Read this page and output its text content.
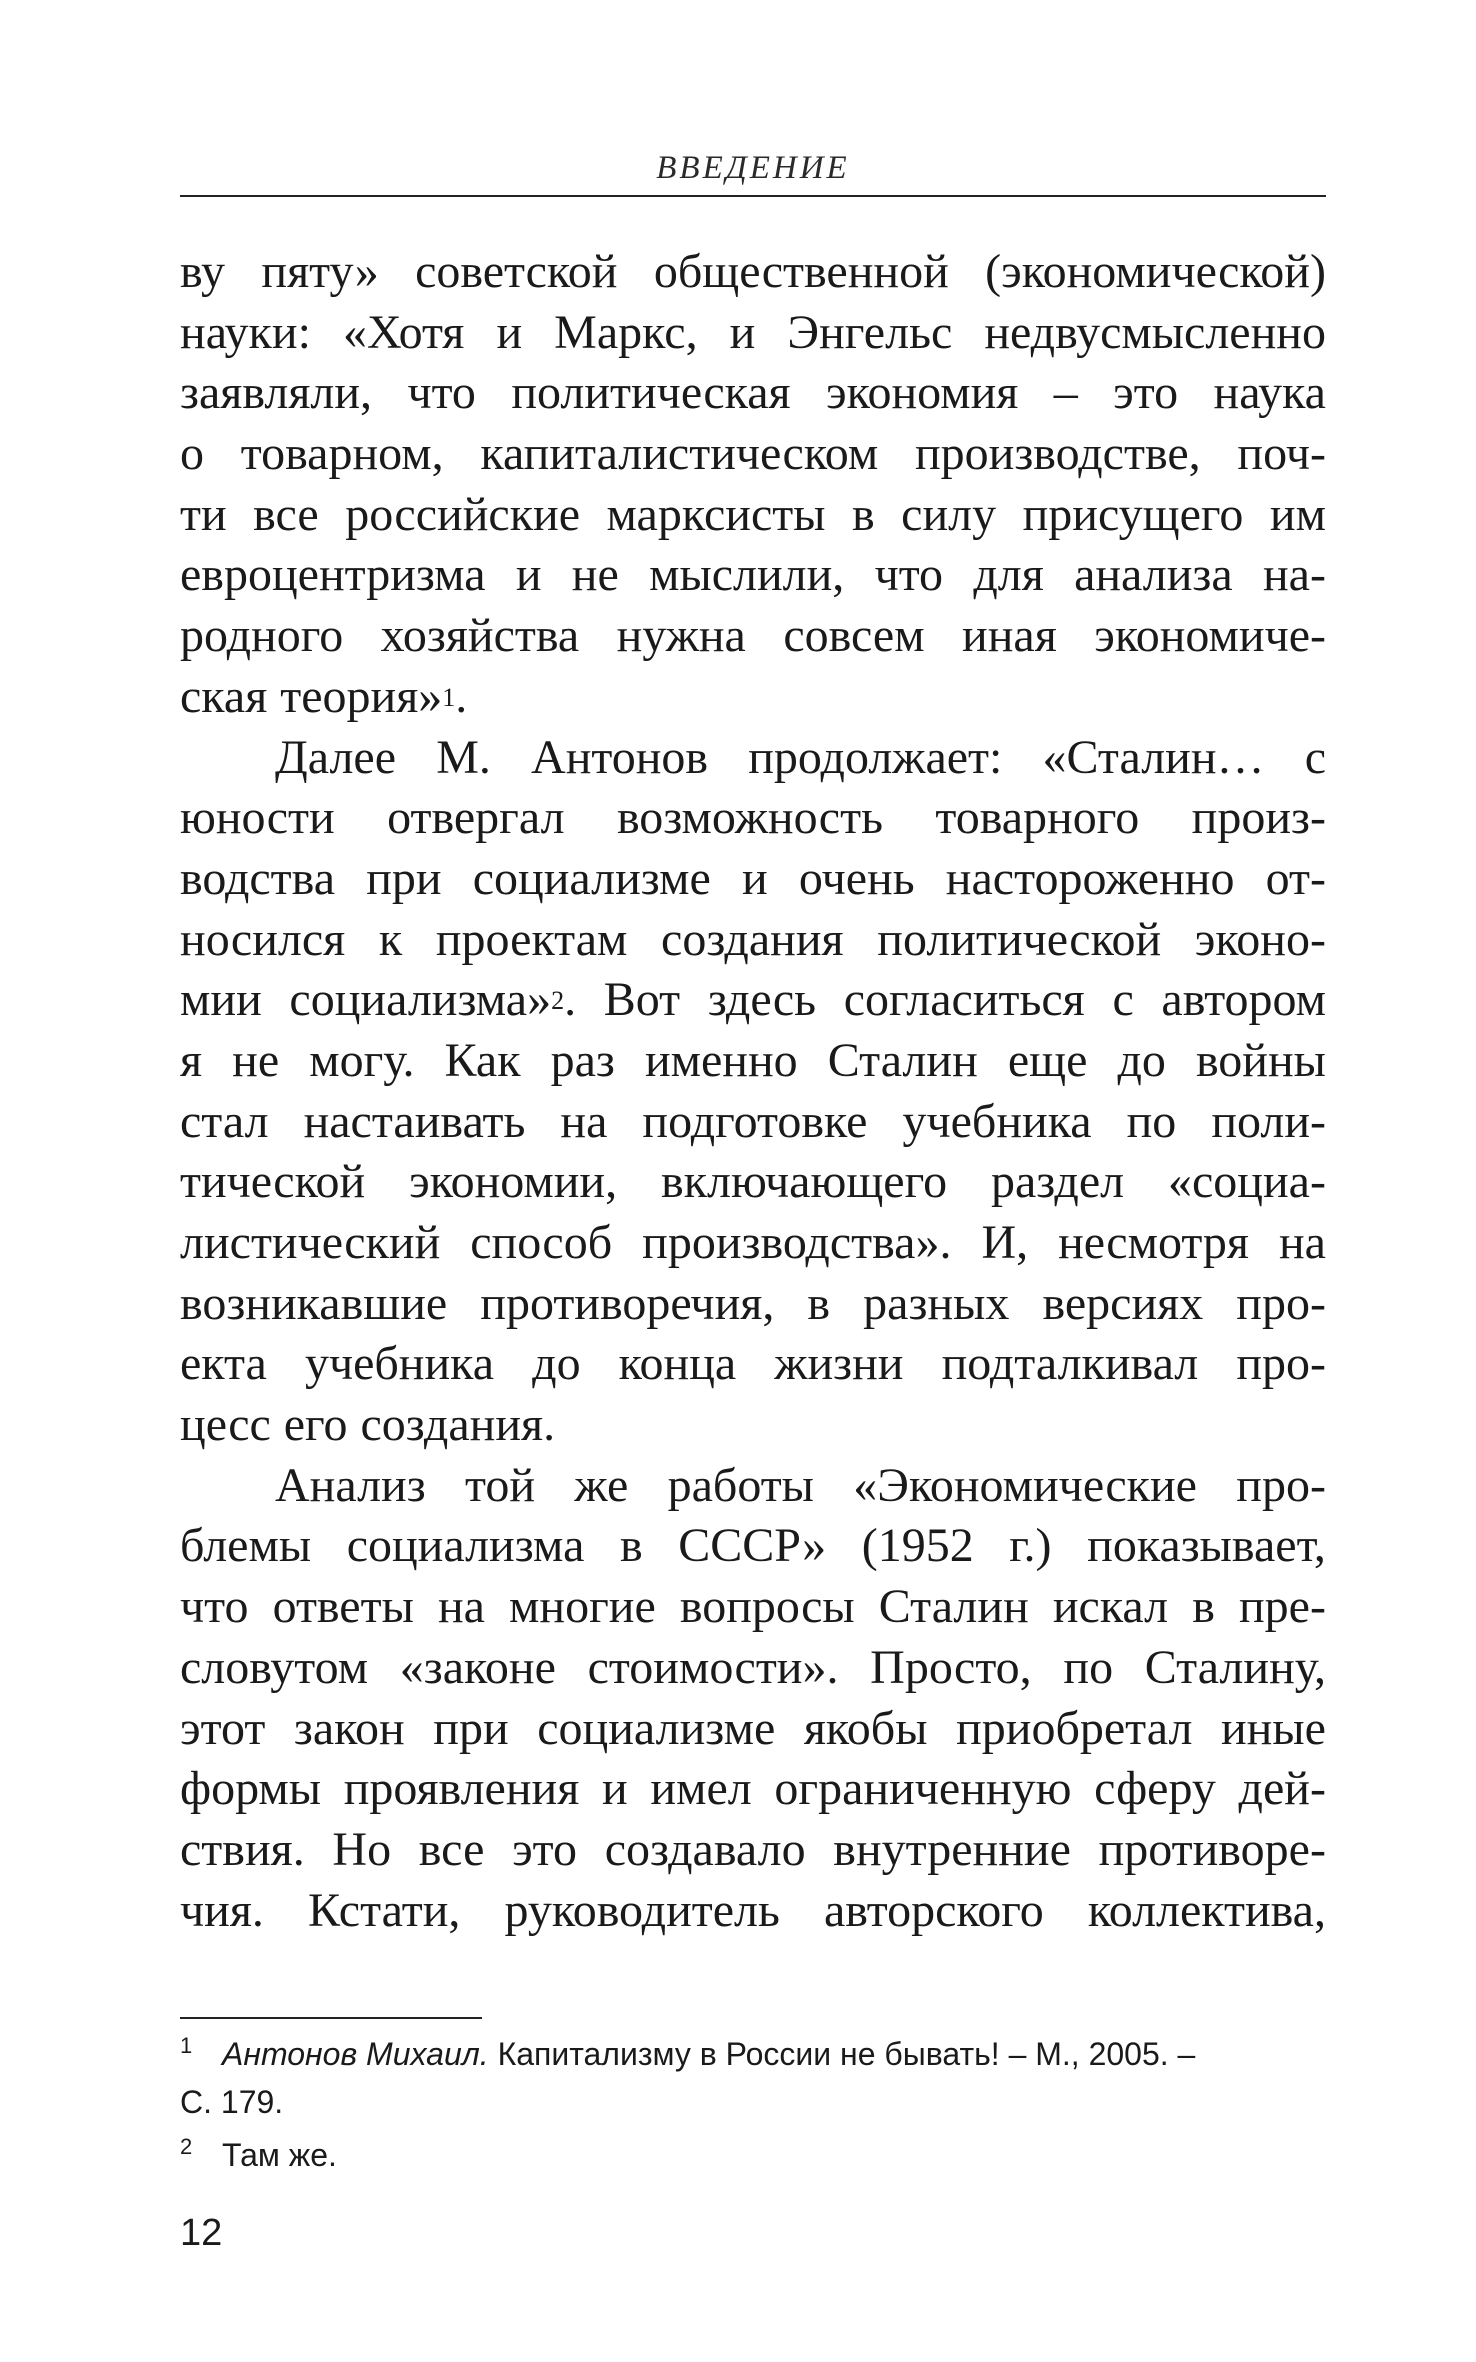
ВВЕДЕНИЕ
ву пяту» советской общественной (экономической)
науки: «Хотя и Маркс, и Энгельс недвусмысленно
заявляли, что политическая экономия – это наука
о товарном, капиталистическом производстве, поч-
ти все российские марксисты в силу присущего им
евроцентризма и не мыслили, что для анализа на-
родного хозяйства нужна совсем иная экономиче-
ская теория»$^1$.
Далее М. Антонов продолжает: «Сталин… с
юности отвергал возможность товарного произ-
водства при социализме и очень настороженно от-
носился к проектам создания политической эконо-
мии социализма»$^2$. Вот здесь согласиться с автором
я не могу. Как раз именно Сталин еще до войны
стал настаивать на подготовке учебника по поли-
тической экономии, включающего раздел «социа-
листический способ производства». И, несмотря на
возникавшие противоречия, в разных версиях про-
екта учебника до конца жизни подталкивал про-
цесс его создания.
Анализ той же работы «Экономические про-
блемы социализма в СССР» (1952 г.) показывает,
что ответы на многие вопросы Сталин искал в пре-
словутом «законе стоимости». Просто, по Сталину,
этот закон при социализме якобы приобретал иные
формы проявления и имел ограниченную сферу дей-
ствия. Но все это создавало внутренние противоре-
чия. Кстати, руководитель авторского коллектива,
1 Антонов Михаил. Капитализму в России не бывать! – М., 2005. –
С. 179.
2 Там же.
12
